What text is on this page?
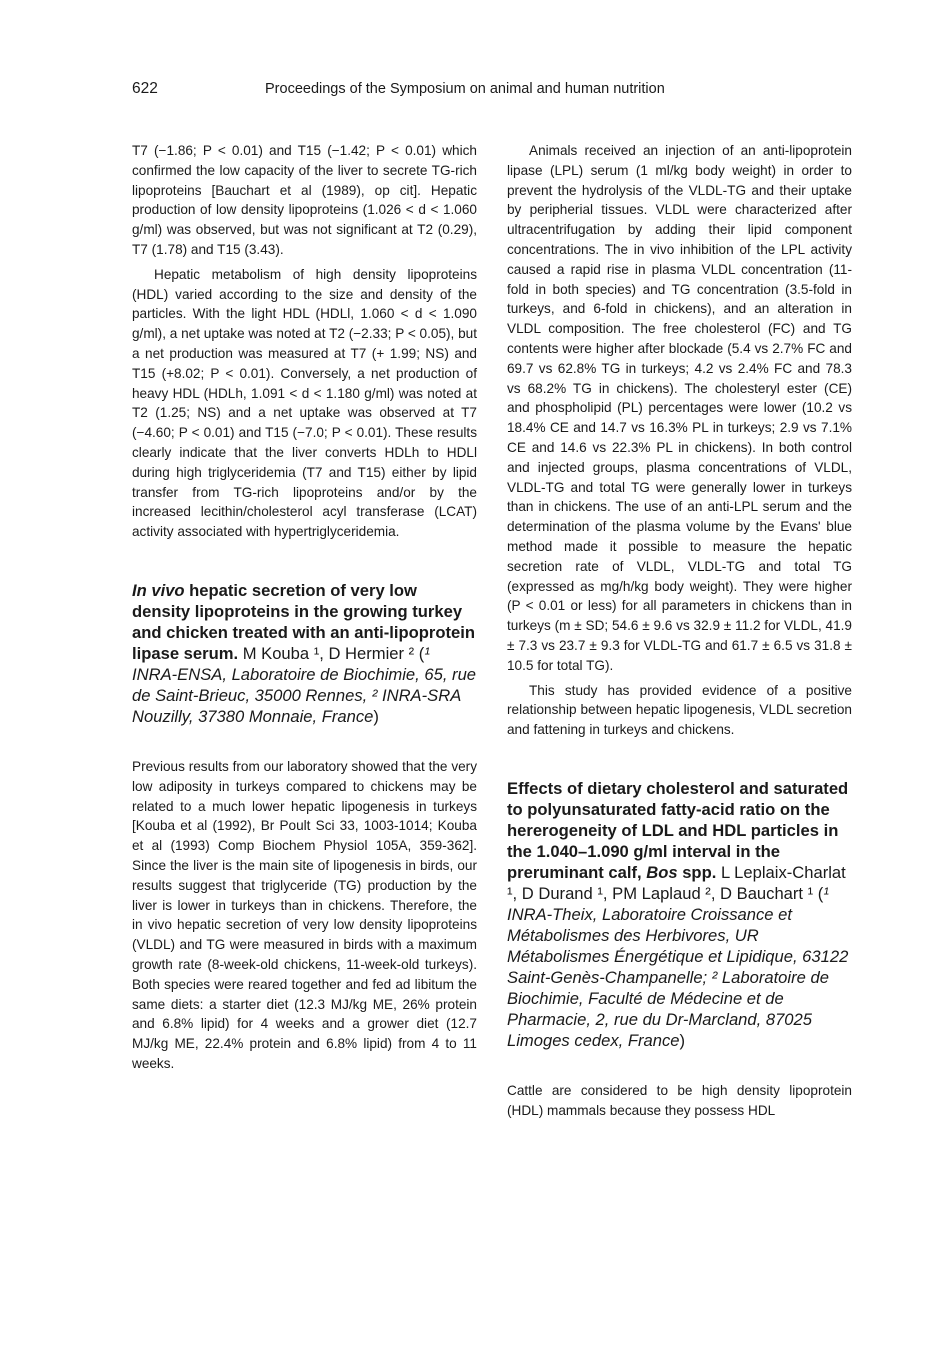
622	Proceedings of the Symposium on animal and human nutrition

T7 (−1.86; P < 0.01) and T15 (−1.42; P < 0.01) which confirmed the low capacity of the liver to secrete TG-rich lipoproteins [Bauchart et al (1989), op cit]. Hepatic production of low density lipoproteins (1.026 < d < 1.060 g/ml) was observed, but was not significant at T2 (0.29), T7 (1.78) and T15 (3.43).

Hepatic metabolism of high density lipoproteins (HDL) varied according to the size and density of the particles. With the light HDL (HDLl, 1.060 < d < 1.090 g/ml), a net uptake was noted at T2 (−2.33; P < 0.05), but a net production was measured at T7 (+ 1.99; NS) and T15 (+8.02; P < 0.01). Conversely, a net production of heavy HDL (HDLh, 1.091 < d < 1.180 g/ml) was noted at T2 (1.25; NS) and a net uptake was observed at T7 (−4.60; P < 0.01) and T15 (−7.0; P < 0.01). These results clearly indicate that the liver converts HDLh to HDLl during high triglyceridemia (T7 and T15) either by lipid transfer from TG-rich lipoproteins and/or by the increased lecithin/cholesterol acyl transferase (LCAT) activity associated with hypertriglyceridemia.

In vivo hepatic secretion of very low density lipoproteins in the growing turkey and chicken treated with an anti-lipoprotein lipase serum. M Kouba ¹, D Hermier ² (¹ INRA-ENSA, Laboratoire de Biochimie, 65, rue de Saint-Brieuc, 35000 Rennes, ² INRA-SRA Nouzilly, 37380 Monnaie, France)

Previous results from our laboratory showed that the very low adiposity in turkeys compared to chickens may be related to a much lower hepatic lipogenesis in turkeys [Kouba et al (1992), Br Poult Sci 33, 1003-1014; Kouba et al (1993) Comp Biochem Physiol 105A, 359-362]. Since the liver is the main site of lipogenesis in birds, our results suggest that triglyceride (TG) production by the liver is lower in turkeys than in chickens. Therefore, the in vivo hepatic secretion of very low density lipoproteins (VLDL) and TG were measured in birds with a maximum growth rate (8-week-old chickens, 11-week-old turkeys). Both species were reared together and fed ad libitum the same diets: a starter diet (12.3 MJ/kg ME, 26% protein and 6.8% lipid) for 4 weeks and a grower diet (12.7 MJ/kg ME, 22.4% protein and 6.8% lipid) from 4 to 11 weeks.

Animals received an injection of an anti-lipoprotein lipase (LPL) serum (1 ml/kg body weight) in order to prevent the hydrolysis of the VLDL-TG and their uptake by peripherial tissues. VLDL were characterized after ultracentrifugation by adding their lipid component concentrations. The in vivo inhibition of the LPL activity caused a rapid rise in plasma VLDL concentration (11-fold in both species) and TG concentration (3.5-fold in turkeys, and 6-fold in chickens), and an alteration in VLDL composition. The free cholesterol (FC) and TG contents were higher after blockade (5.4 vs 2.7% FC and 69.7 vs 62.8% TG in turkeys; 4.2 vs 2.4% FC and 78.3 vs 68.2% TG in chickens). The cholesteryl ester (CE) and phospholipid (PL) percentages were lower (10.2 vs 18.4% CE and 14.7 vs 16.3% PL in turkeys; 2.9 vs 7.1% CE and 14.6 vs 22.3% PL in chickens). In both control and injected groups, plasma concentrations of VLDL, VLDL-TG and total TG were generally lower in turkeys than in chickens. The use of an anti-LPL serum and the determination of the plasma volume by the Evans' blue method made it possible to measure the hepatic secretion rate of VLDL, VLDL-TG and total TG (expressed as mg/h/kg body weight). They were higher (P < 0.01 or less) for all parameters in chickens than in turkeys (m ± SD; 54.6 ± 9.6 vs 32.9 ± 11.2 for VLDL, 41.9 ± 7.3 vs 23.7 ± 9.3 for VLDL-TG and 61.7 ± 6.5 vs 31.8 ± 10.5 for total TG).

This study has provided evidence of a positive relationship between hepatic lipogenesis, VLDL secretion and fattening in turkeys and chickens.

Effects of dietary cholesterol and saturated to polyunsaturated fatty-acid ratio on the hererogeneity of LDL and HDL particles in the 1.040–1.090 g/ml interval in the preruminant calf, Bos spp. L Leplaix-Charlat ¹, D Durand ¹, PM Laplaud ², D Bauchart ¹ (¹ INRA-Theix, Laboratoire Croissance et Métabolismes des Herbivores, UR Métabolismes Énergétique et Lipidique, 63122 Saint-Genès-Champanelle; ² Laboratoire de Biochimie, Faculté de Médecine et de Pharmacie, 2, rue du Dr-Marcland, 87025 Limoges cedex, France)

Cattle are considered to be high density lipoprotein (HDL) mammals because they possess HDL
